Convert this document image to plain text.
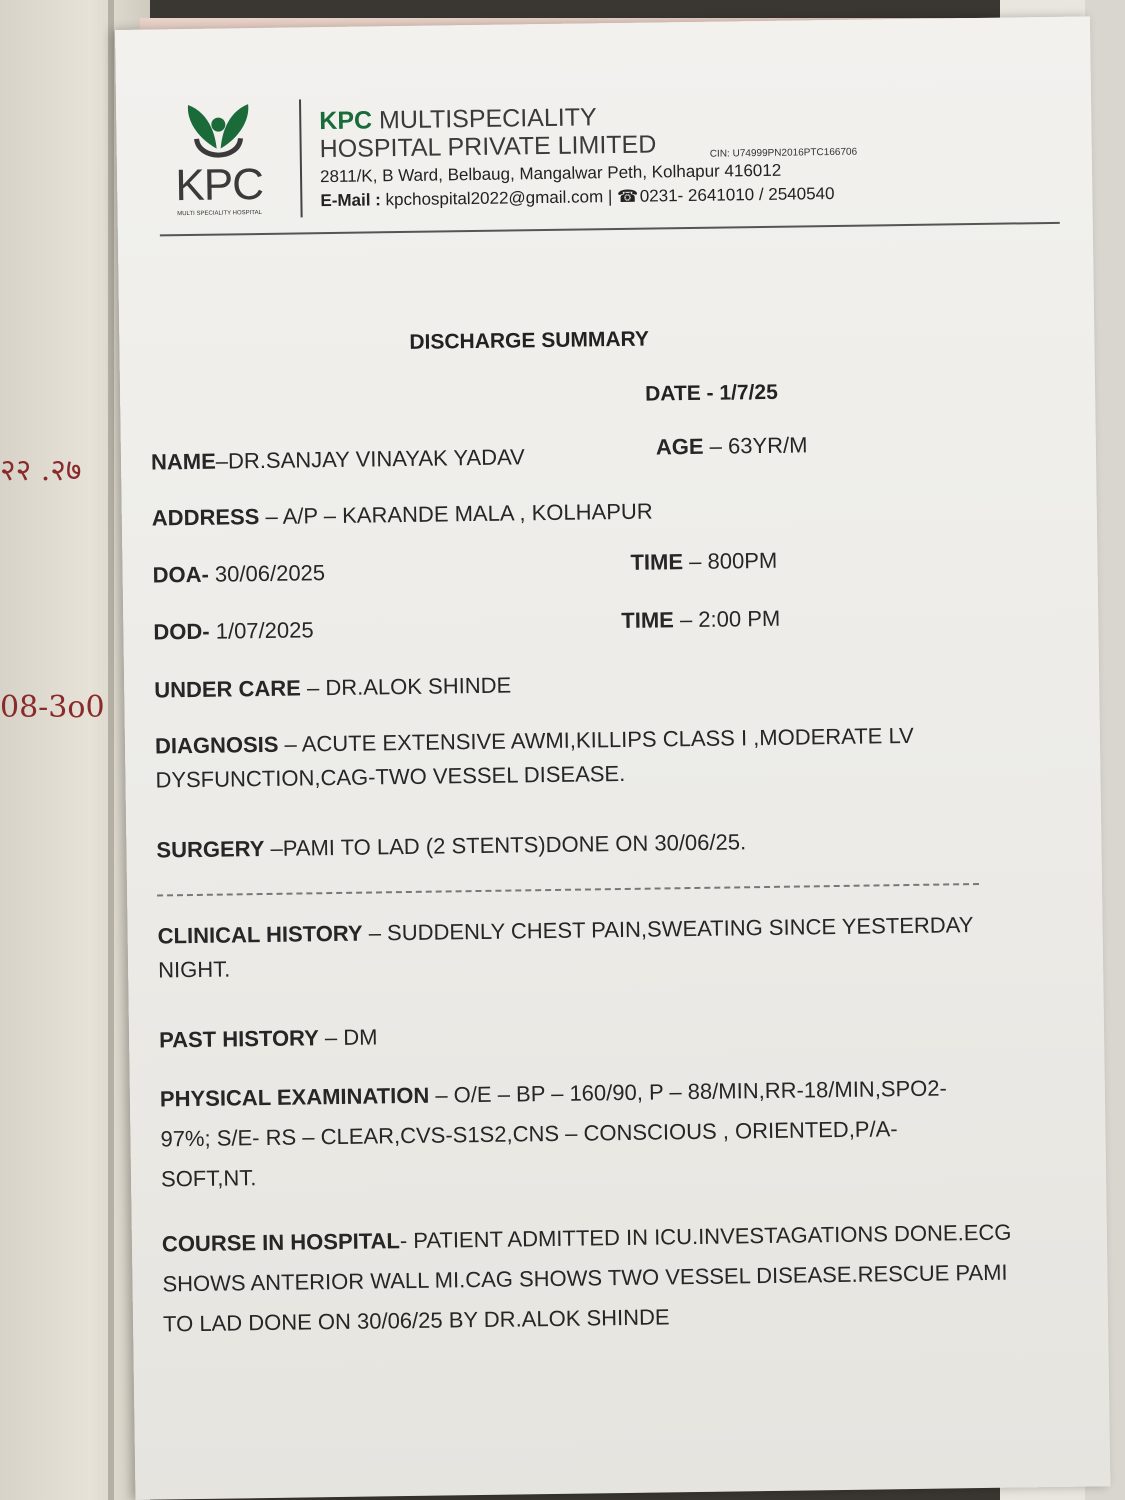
२२ .२७
08-3o0
KPC
MULTI SPECIALITY HOSPITAL
KPC MULTISPECIALITY
HOSPITAL PRIVATE LIMITED	CIN: U74999PN2016PTC166706
2811/K, B Ward, Belbaug, Mangalwar Peth, Kolhapur 416012
E-Mail : kpchospital2022@gmail.com | ☎ 0231- 2641010 / 2540540
DISCHARGE SUMMARY
DATE - 1/7/25
NAME–DR.SANJAY VINAYAK YADAV	AGE – 63YR/M
ADDRESS – A/P – KARANDE MALA , KOLHAPUR
DOA- 30/06/2025	TIME – 800PM
DOD- 1/07/2025	TIME – 2:00 PM
UNDER CARE – DR.ALOK SHINDE
DIAGNOSIS – ACUTE EXTENSIVE AWMI,KILLIPS CLASS I ,MODERATE LV DYSFUNCTION,CAG-TWO VESSEL DISEASE.
SURGERY –PAMI TO LAD (2 STENTS)DONE ON 30/06/25.
CLINICAL HISTORY – SUDDENLY CHEST PAIN,SWEATING SINCE YESTERDAY NIGHT.
PAST HISTORY – DM
PHYSICAL EXAMINATION – O/E – BP – 160/90, P – 88/MIN,RR-18/MIN,SPO2- 97%; S/E- RS – CLEAR,CVS-S1S2,CNS – CONSCIOUS , ORIENTED,P/A-SOFT,NT.
COURSE IN HOSPITAL- PATIENT ADMITTED IN ICU.INVESTAGATIONS DONE.ECG SHOWS ANTERIOR WALL MI.CAG SHOWS TWO VESSEL DISEASE.RESCUE PAMI TO LAD DONE ON 30/06/25 BY DR.ALOK SHINDE
